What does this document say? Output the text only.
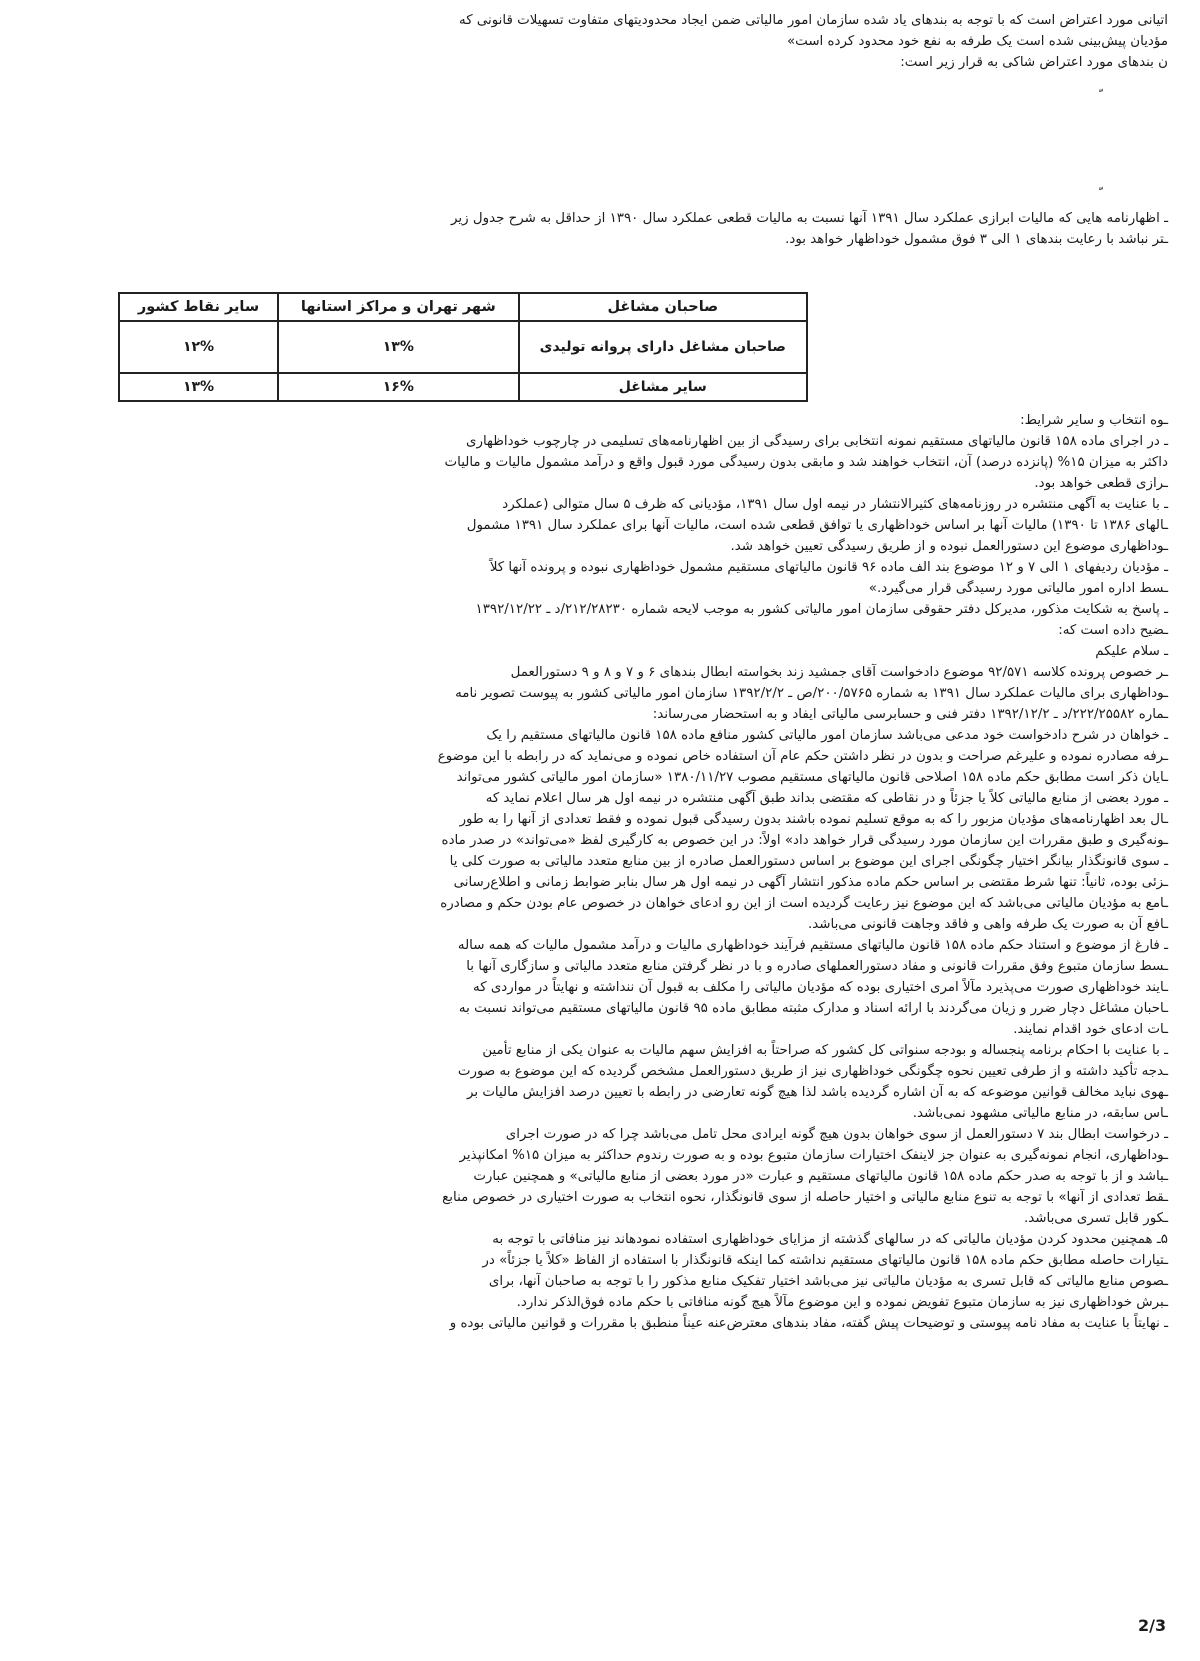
اتیانی مورد اعتراض است که با توجه به بندهای یاد شده سازمان امور مالیاتی ضمن ایجاد محدودیتهای متفاوت تسهیلات قانونی که

مؤدیان پیش‌بینی شده است یک طرفه به نفع خود محدود کرده است»

ن بندهای مورد اعتراض شاکی به قرار زیر است:

ـ اظهارنامه هایی که مالیات ابرازی عملکرد سال ۱۳۹۱ آنها نسبت به مالیات قطعی عملکرد سال ۱۳۹۰ از حداقل به شرح جدول زیر

ـتر نباشد با رعایت بندهای ۱ الی ۳ فوق مشمول خوداظهار خواهد بود.

صاحبان مشاغل	شهر تهران و مراکز استانها	سایر نقاط کشور
صاحبان مشاغل دارای پروانه تولیدی	۱۳%	۱۲%
سایر مشاغل	۱۶%	۱۳%

ـوه انتخاب و سایر شرایط:

ـ در اجرای ماده ۱۵۸ قانون مالیاتهای مستقیم نمونه انتخابی برای رسیدگی از بین اظهارنامه‌های تسلیمی در چارچوب خوداظهاری

داکثر به میزان ۱۵% (پانزده درصد) آن، انتخاب خواهند شد و مابقی بدون رسیدگی مورد قبول واقع و درآمد مشمول مالیات و مالیات

ـرازی قطعی خواهد بود.

ـ با عنایت به آگهی منتشره در روزنامه‌های کثیرالانتشار در نیمه اول سال ۱۳۹۱، مؤدیانی که ظرف ۵ سال متوالی (عملکرد

ـالهای ۱۳۸۶ تا ۱۳۹۰) مالیات آنها بر اساس خوداظهاری یا توافق قطعی شده است، مالیات آنها برای عملکرد سال ۱۳۹۱ مشمول

ـوداظهاری موضوع این دستورالعمل نبوده و از طریق رسیدگی تعیین خواهد شد.

ـ مؤدیان ردیفهای ۱ الی ۷ و ۱۲ موضوع بند الف ماده ۹۶ قانون مالیاتهای مستقیم مشمول خوداظهاری نبوده و پرونده آنها کلاً

ـسط اداره امور مالیاتی مورد رسیدگی قرار می‌گیرد.»

ـ پاسخ به شکایت مذکور، مدیرکل دفتر حقوقی سازمان امور مالیاتی کشور به موجب لایحه شماره ۲۱۲/۲۸۲۳۰/د ـ ۱۳۹۲/۱۲/۲۲

ـضیح داده است که:

ـ سلام علیکم

ـر خصوص پرونده کلاسه ۹۲/۵۷۱ موضوع دادخواست آقای جمشید زند بخواسته ابطال بندهای ۶ و ۷ و ۸ و ۹ دستورالعمل

ـوداظهاری برای مالیات عملکرد سال ۱۳۹۱ به شماره ۲۰۰/۵۷۶۵/ص ـ ۱۳۹۲/۲/۲ سازمان امور مالیاتی کشور به پیوست تصویر نامه

ـماره ۲۲۲/۲۵۵۸۲/د ـ ۱۳۹۲/۱۲/۲ دفتر فنی و حسابرسی مالیاتی ایفاد و به استحضار می‌رساند:

ـ خواهان در شرح دادخواست خود مدعی می‌باشد سازمان امور مالیاتی کشور منافع ماده ۱۵۸ قانون مالیاتهای مستقیم را یک

ـرفه مصادره نموده و علیرغم صراحت و بدون در نظر داشتن حکم عام آن استفاده خاص نموده و می‌نماید که در رابطه با این موضوع

ـایان ذکر است مطابق حکم ماده ۱۵۸ اصلاحی قانون مالیاتهای مستقیم مصوب ۱۳۸۰/۱۱/۲۷ «سازمان امور مالیاتی کشور می‌تواند

ـ مورد بعضی از منابع مالیاتی کلاً یا جزئاً و در نقاطی که مقتضی بداند طبق آگهی منتشره در نیمه اول هر سال اعلام نماید که

ـال بعد اظهارنامه‌های مؤدیان مزبور را که به موقع تسلیم نموده باشند بدون رسیدگی قبول نموده و فقط تعدادی از آنها را به طور

ـونه‌گیری و طبق مقررات این سازمان مورد رسیدگی قرار خواهد داد» اولاً: در این خصوص به کارگیری لفظ «می‌تواند» در صدر ماده

ـ سوی قانونگذار بیانگر اختیار چگونگی اجرای این موضوع بر اساس دستورالعمل صادره از بین منابع متعدد مالیاتی به صورت کلی یا

ـزئی بوده، ثانیاً: تنها شرط مقتضی بر اساس حکم ماده مذکور انتشار آگهی در نیمه اول هر سال بنابر ضوابط زمانی و اطلاع‌رسانی

ـامع به مؤدیان مالیاتی می‌باشد که این موضوع نیز رعایت گردیده است از این رو ادعای خواهان در خصوص عام بودن حکم و مصادره

ـافع آن به صورت یک طرفه واهی و فاقد وجاهت قانونی می‌باشد.

ـ فارغ از موضوع و استناد حکم ماده ۱۵۸ قانون مالیاتهای مستقیم فرآیند خوداظهاری مالیات و درآمد مشمول مالیات که همه ساله

ـسط سازمان متبوع وفق مقررات قانونی و مفاد دستورالعملهای صادره و با در نظر گرفتن منابع متعدد مالیاتی و سازگاری آنها با

ـایند خوداظهاری صورت می‌پذیرد مآلاً امری اختیاری بوده که مؤدیان مالیاتی را مکلف به قبول آن ننداشته و نهایتاً در مواردی که

ـاحبان مشاغل دچار ضرر و زیان می‌گردند با ارائه اسناد و مدارک مثبته مطابق ماده ۹۵ قانون مالیاتهای مستقیم می‌تواند نسبت به

ـات ادعای خود اقدام نمایند.

ـ با عنایت با احکام برنامه پنجساله و بودجه سنواتی کل کشور که صراحتاً به افزایش سهم مالیات به عنوان یکی از منابع تأمین

ـدجه تأکید داشته و از طرفی تعیین نحوه چگونگی خوداظهاری نیز از طریق دستورالعمل مشخص گردیده که این موضوع به صورت

ـهوی نباید مخالف قوانین موضوعه که به آن اشاره گردیده باشد لذا هیچ گونه تعارضی در رابطه با تعیین درصد افزایش مالیات بر

ـاس سابقه، در منابع مالیاتی مشهود نمی‌باشد.

ـ درخواست ابطال بند ۷ دستورالعمل از سوی خواهان بدون هیچ گونه ایرادی محل تامل می‌باشد چرا که در صورت اجرای

ـوداظهاری، انجام نمونه‌گیری به عنوان جز لاینفک اختیارات سازمان متبوع بوده و به صورت رندوم حداکثر به میزان ۱۵% امکانپذیر

ـباشد و از با توجه به صدر حکم ماده ۱۵۸ قانون مالیاتهای مستقیم و عبارت «در مورد بعضی از منابع مالیاتی» و همچنین عبارت

ـقط تعدادی از آنها» با توجه به تنوع منابع مالیاتی و اختیار حاصله از سوی قانونگذار، نحوه انتخاب به صورت اختیاری در خصوص منابع

ـکور قابل تسری می‌باشد.

۵ـ همچنین محدود کردن مؤدیان مالیاتی که در سالهای گذشته از مزایای خوداظهاری استفاده نمودهاند نیز منافاتی با توجه به

ـتیارات حاصله مطابق حکم ماده ۱۵۸ قانون مالیاتهای مستقیم نداشته کما اینکه قانونگذار با استفاده از الفاظ «کلاً یا جزئاً» در

ـصوص منابع مالیاتی که قابل تسری به مؤدیان مالیاتی نیز می‌باشد اختیار تفکیک منابع مذکور را با توجه به صاحبان آنها، برای

ـبرش خوداظهاری نیز به سازمان متبوع تفویض نموده و این موضوع مآلاً هیچ گونه منافاتی با حکم ماده فوق‌الذکر ندارد.

ـ نهایتاً با عنایت به مفاد نامه پیوستی و توضیحات پیش گفته، مفاد بندهای معترض‌عنه عیناً منطبق با مقررات و قوانین مالیاتی بوده و

2/3
